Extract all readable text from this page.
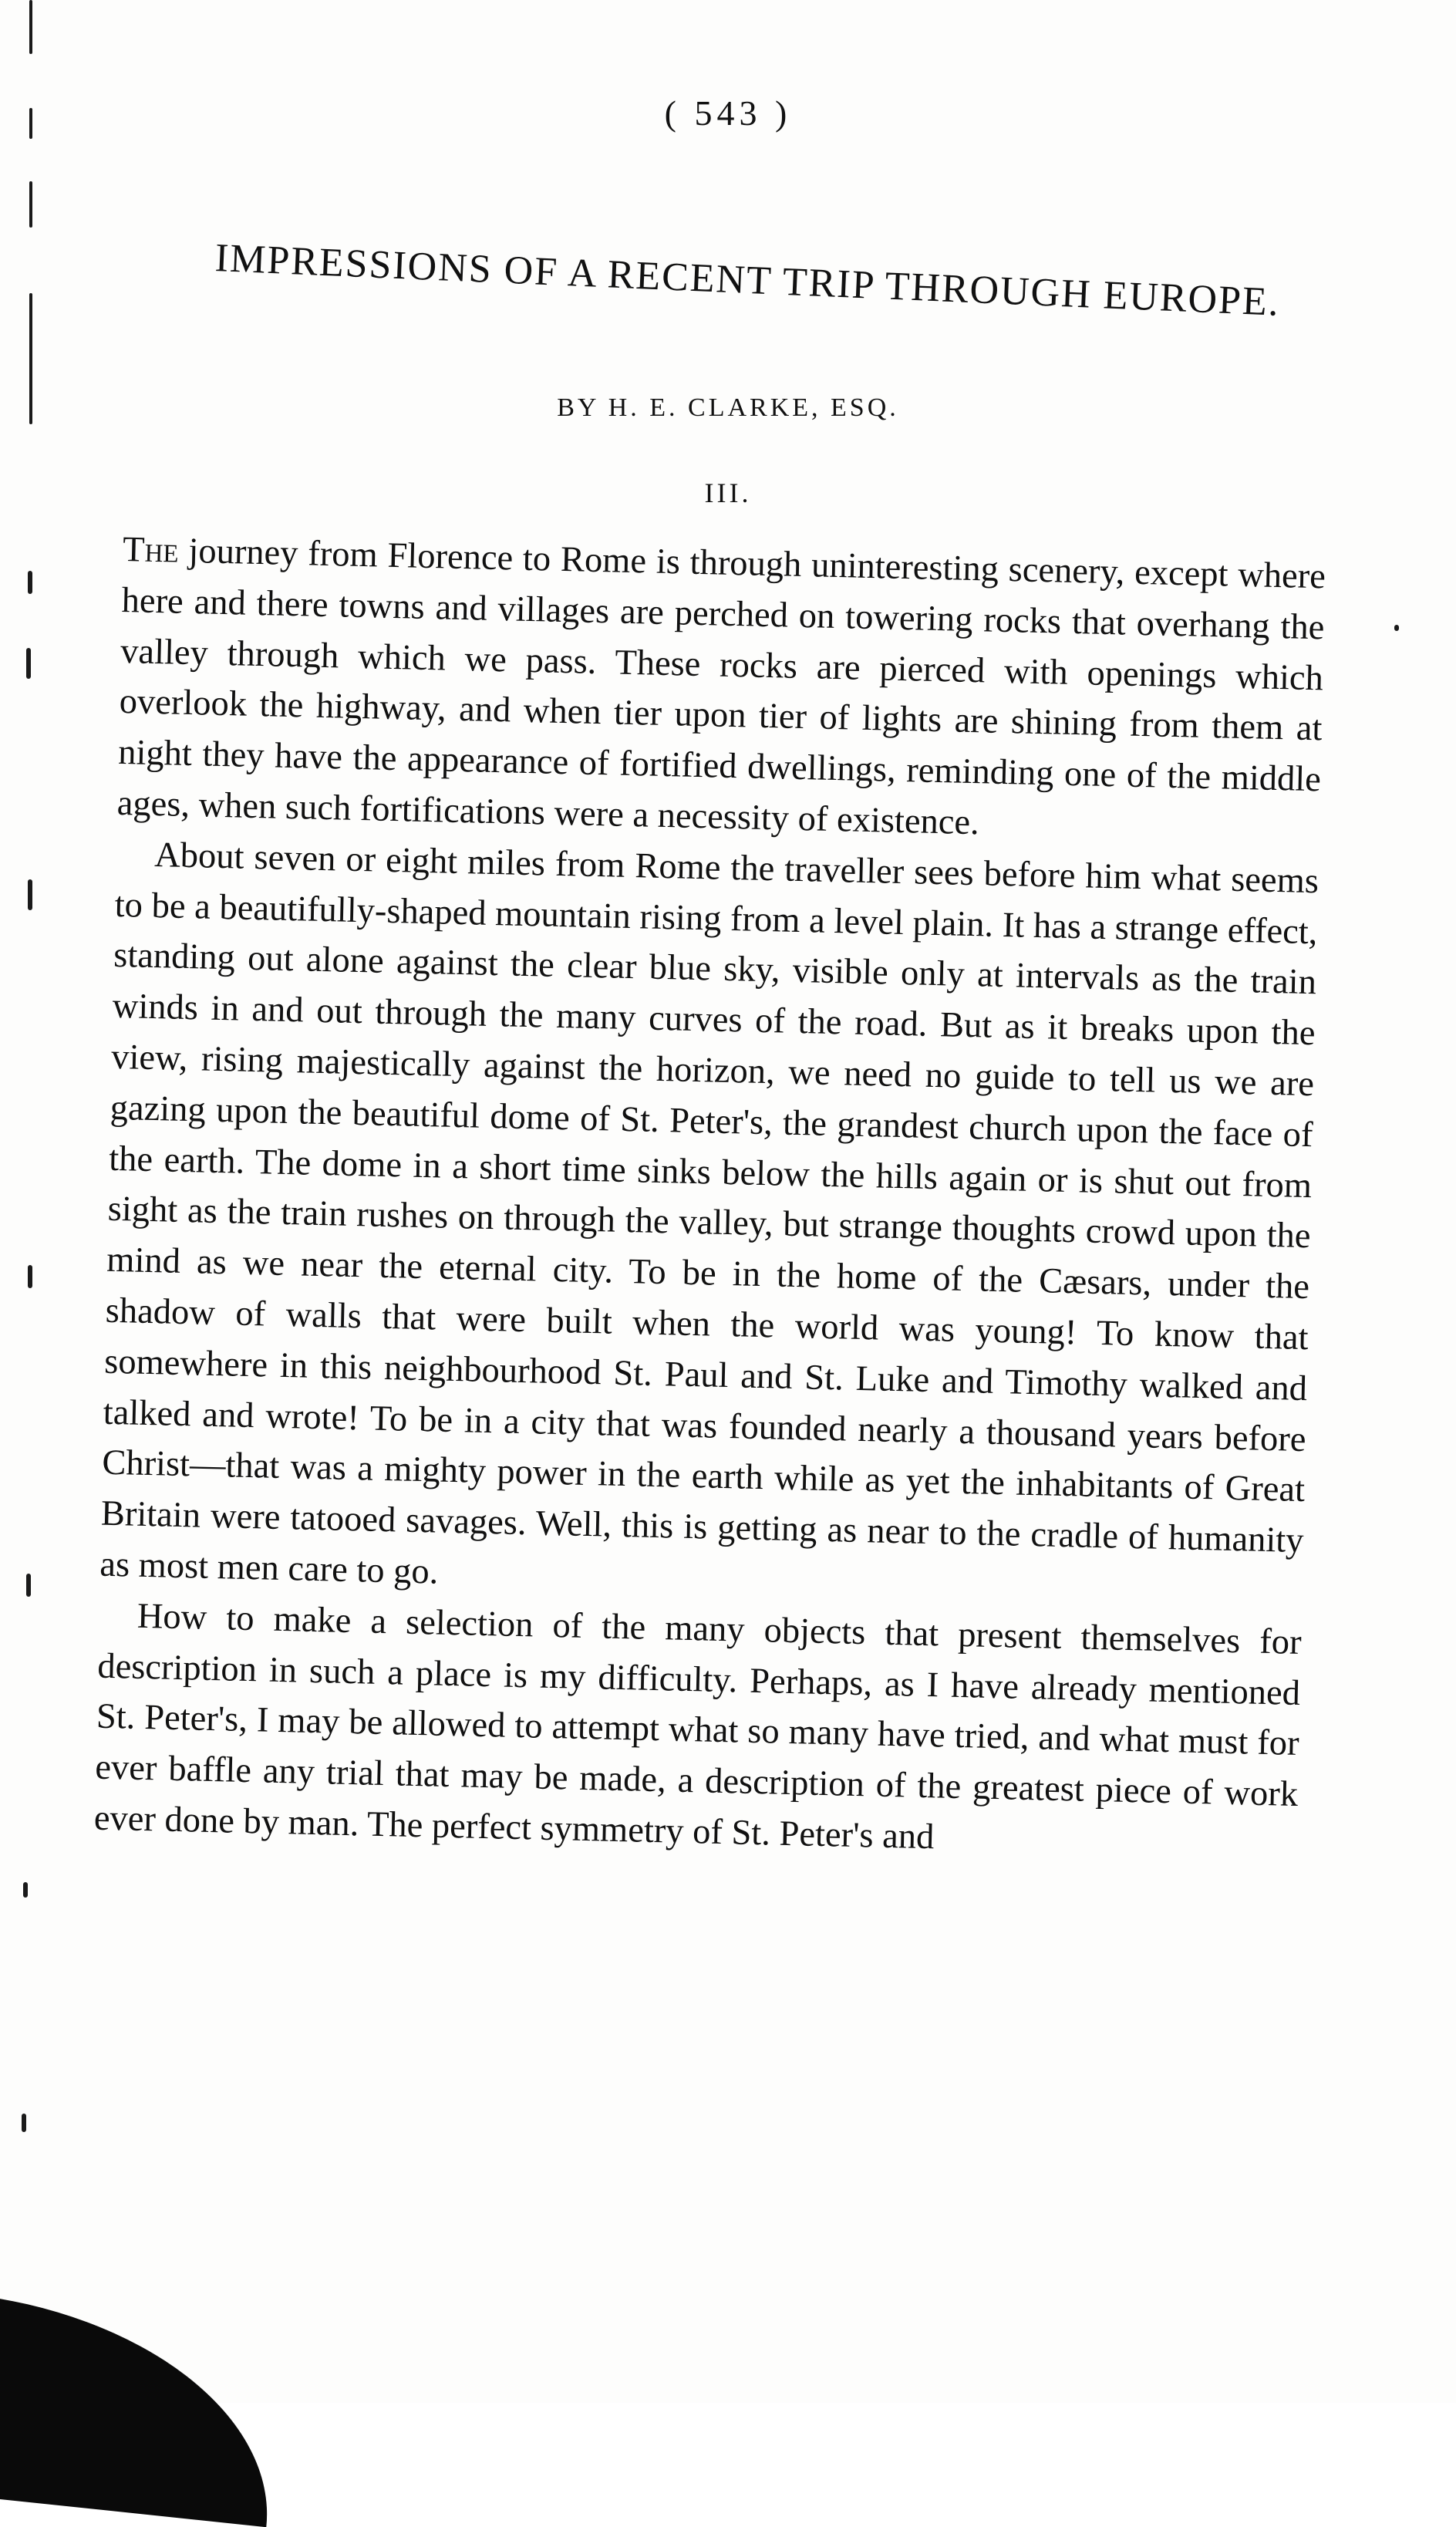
( 543 )
IMPRESSIONS OF A RECENT TRIP THROUGH EUROPE.
BY H. E. CLARKE, ESQ.
III.

The journey from Florence to Rome is through uninteresting scenery, except where here and there towns and villages are perched on towering rocks that overhang the valley through which we pass. These rocks are pierced with openings which overlook the highway, and when tier upon tier of lights are shining from them at night they have the appearance of fortified dwellings, reminding one of the middle ages, when such fortifications were a necessity of existence.

About seven or eight miles from Rome the traveller sees before him what seems to be a beautifully-shaped mountain rising from a level plain. It has a strange effect, standing out alone against the clear blue sky, visible only at intervals as the train winds in and out through the many curves of the road. But as it breaks upon the view, rising majestically against the horizon, we need no guide to tell us we are gazing upon the beautiful dome of St. Peter's, the grandest church upon the face of the earth. The dome in a short time sinks below the hills again or is shut out from sight as the train rushes on through the valley, but strange thoughts crowd upon the mind as we near the eternal city. To be in the home of the Cæsars, under the shadow of walls that were built when the world was young! To know that somewhere in this neighbourhood St. Paul and St. Luke and Timothy walked and talked and wrote! To be in a city that was founded nearly a thousand years before Christ—that was a mighty power in the earth while as yet the inhabitants of Great Britain were tatooed savages. Well, this is getting as near to the cradle of humanity as most men care to go.

How to make a selection of the many objects that present themselves for description in such a place is my difficulty. Perhaps, as I have already mentioned St. Peter's, I may be allowed to attempt what so many have tried, and what must for ever baffle any trial that may be made, a description of the greatest piece of work ever done by man. The perfect symmetry of St. Peter's and
